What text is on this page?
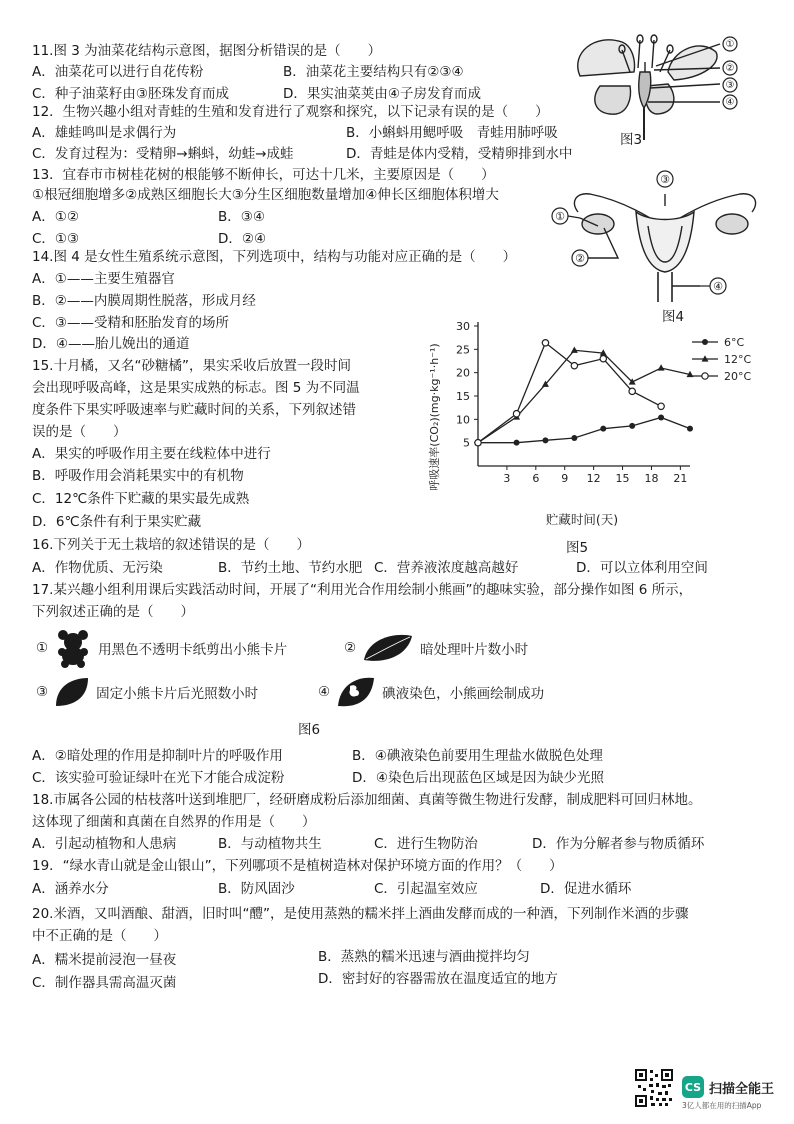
11.图 3 为油菜花结构示意图，据图分析错误的是（　　）
A．油菜花可以进行自花传粉	B．油菜花主要结构只有②③④
C．种子油菜籽由③胚珠发育而成	D．果实油菜荚由④子房发育而成
①
②
③
④
图3
12．生物兴趣小组对青蛙的生殖和发育进行了观察和探究，以下记录有误的是（　　）
A．雄蛙鸣叫是求偶行为	B．小蝌蚪用鳃呼吸　青蛙用肺呼吸
C．发育过程为：受精卵→蝌蚪，幼蛙→成蛙	D．青蛙是体内受精，受精卵排到水中
13．宜春市市树桂花树的根能够不断伸长，可达十几米，主要原因是（　　）
①根冠细胞增多②成熟区细胞长大③分生区细胞数量增加④伸长区细胞体积增大
A．①②	B．③④
C．①③	D．②④
③
①
②
④
图4
14.图 4 是女性生殖系统示意图，下列选项中，结构与功能对应正确的是（　　）
A．①——主要生殖器官
B．②——内膜周期性脱落，形成月经
C．③——受精和胚胎发育的场所
D．④——胎儿娩出的通道
15.十月橘，又名“砂糖橘”，果实采收后放置一段时间
会出现呼吸高峰，这是果实成熟的标志。图 5 为不同温
度条件下果实呼吸速率与贮藏时间的关系，下列叙述错
误的是（　　）
A．果实的呼吸作用主要在线粒体中进行
B．呼吸作用会消耗果实中的有机物
C．12℃条件下贮藏的果实最先成熟
D．6℃条件有利于果实贮藏
呼吸速率(CO₂)(mg·kg⁻¹·h⁻¹)
贮藏时间(天)
3 6 9 12 15 18 21
5
10
15
20
25
30
6°C
12°C
20°C
图5
16.下列关于无土栽培的叙述错误的是（　　）
A．作物优质、无污染	B．节约土地、节约水肥 C．营养液浓度越高越好	D．可以立体利用空间
17.某兴趣小组利用课后实践活动时间，开展了“利用光合作用绘制小熊画”的趣味实验，部分操作如图 6 所示，
下列叙述正确的是（　　）
①	用黑色不透明卡纸剪出小熊卡片	②	暗处理叶片数小时
③	固定小熊卡片后光照数小时	④	碘液染色，小熊画绘制成功
图6
A．②暗处理的作用是抑制叶片的呼吸作用	B．④碘液染色前要用生理盐水做脱色处理
C．该实验可验证绿叶在光下才能合成淀粉	D．④染色后出现蓝色区域是因为缺少光照
18.市属各公园的枯枝落叶送到堆肥厂，经研磨成粉后添加细菌、真菌等微生物进行发酵，制成肥料可回归林地。
这体现了细菌和真菌在自然界的作用是（　　）
A．引起动植物和人患病	B．与动植物共生	C．进行生物防治	D．作为分解者参与物质循环
19．“绿水青山就是金山银山”，下列哪项不是植树造林对保护环境方面的作用？（　　）
A．涵养水分	B．防风固沙	C．引起温室效应	D．促进水循环
20.米酒，又叫酒酿、甜酒，旧时叫“醴”，是使用蒸熟的糯米拌上酒曲发酵而成的一种酒，下列制作米酒的步骤
中不正确的是（　　）
A．糯米提前浸泡一昼夜	B．蒸熟的糯米迅速与酒曲搅拌均匀
C．制作器具需高温灭菌	D．密封好的容器需放在温度适宜的地方
CS 扫描全能王
3亿人都在用的扫描App
